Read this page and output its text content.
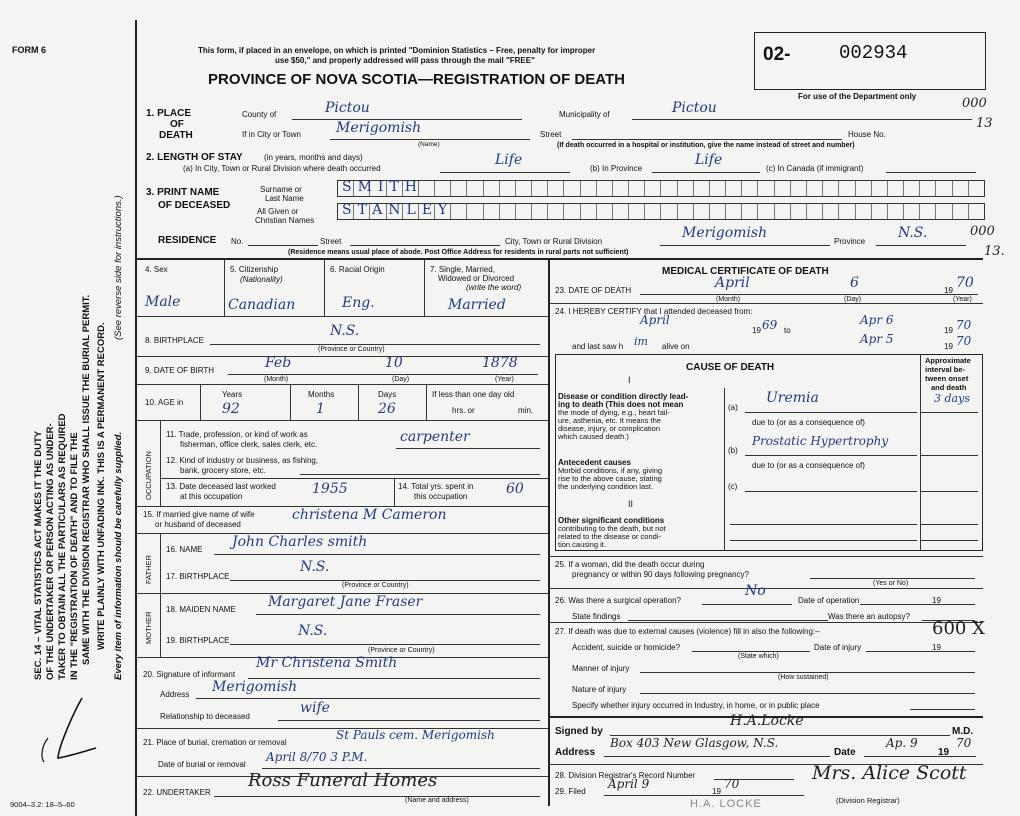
FORM 6
SEC. 14 – VITAL STATISTICS ACT MAKES IT THE DUTY OF THE UNDERTAKER OR PERSON ACTING AS UNDER- TAKER TO OBTAIN ALL THE PARTICULARS AS REQUIRED IN THE "REGISTRATION OF DEATH" AND TO FILE THE SAME WITH THE DIVISION REGISTRAR WHO SHALL ISSUE THE BURIAL PERMIT. WRITE PLAINLY WITH UNFADING INK. THIS IS A PERMANENT RECORD. Every item of information should be carefully supplied.
(See reverse side for instructions.)
9004–3.2: 18–5–60
This form, if placed in an envelope, on which is printed "Dominion Statistics – Free, penalty for improper
use $50," and properly addressed will pass through the mail "FREE"
PROVINCE OF NOVA SCOTIA—REGISTRATION OF DEATH
02-	002934
For use of the Department only	000
13
1. PLACE
OF
DEATH
County of	Pictou	Municipality of	Pictou
If in City or Town	Merigomish
(Name)
Street	House No.
(If death occurred in a hospital or institution, give the name instead of street and number)
2. LENGTH OF STAY	(in years, months and days)
(a) In City, Town or Rural Division where death occurred
Life
(b) In Province
Life
(c) In Canada (if immigrant)
3. PRINT NAME
OF DECEASED
Surname or
Last Name
SMITH
All Given or
Christian Names
STANLEY
RESIDENCE No.	Street	City, Town or Rural Division
Merigomish
Province
N.S.	000
13.
(Residence means usual place of abode. Post Office Address for residents in rural parts not sufficient)
4. Sex
Male
5. Citizenship
(Nationality)
Canadian
6. Racial Origin
Eng.
7. Single, Married,
Widowed or Divorced
(write the word)
Married
8. BIRTHPLACE
N.S.
(Province or Country)
9. DATE OF BIRTH	Feb	10	1878
(Month)	(Day)	(Year)
10. AGE in
Years
92
Months
1
Days
26
If less than one day old
hrs. or	min.
OCCUPATION
11. Trade, profession, or kind of work as
fisherman, office clerk, sales clerk, etc.	carpenter
12. Kind of industry or business, as fishing,
bank, grocery store, etc.
13. Date deceased last worked
at this occupation	1955	14. Total yrs. spent in
this occupation	60
15. If married give name of wife
or husband of deceased
christena M Cameron
FATHER
16. NAME John Charles smith
17. BIRTHPLACE
N.S.
(Province or Country)
MOTHER
18. MAIDEN NAME Margaret Jane Fraser
19. BIRTHPLACE
N.S.
(Province or Country)
20. Signature of informant
Mr Christena Smith
Address Merigomish
Relationship to deceased
wife
21. Place of burial, cremation or removal
St Pauls cem. Merigomish
Date of burial or removal
April 8/70 3 P.M.
22. UNDERTAKER
Ross Funeral Homes
(Name and address)
MEDICAL CERTIFICATE OF DEATH
23. DATE OF DEATH	April	6	19 70
(Month)	(Day)	(Year)
24. I HEREBY CERTIFY that I attended deceased from:
April
19 69 to
Apr 6
19 70
and last saw h im alive on
Apr 5
19 70
CAUSE OF DEATH
Approximate
interval be-
tween onset
and death
I
Disease or condition directly lead-
ing to death (This does not mean
the mode of dying, e.g., heart fail-
ure, asthenia, etc. It means the
disease, injury, or complication
which caused death.)
(a)
Uremia	3 days
due to (or as a consequence of)
(b)
Prostatic Hypertrophy
due to (or as a consequence of)
Antecedent causes
Morbid conditions, if any, giving
rise to the above cause, stating
the underlying condition last.	(c)
II
Other significant conditions
contributing to the death, but not
related to the disease or condi-
tion causing it.
25. If a woman, did the death occur during
pregnancy or within 90 days following pregnancy?
(Yes or No)
26. Was there a surgical operation?
No
Date of operation	19
State findings	Was there an autopsy?
27. If death was due to external causes (violence) fill in also the following:–	600 X
Accident, suicide or homicide?
(State which)
Date of injury	19
Manner of injury
(How sustained)
Nature of injury
Specify whether injury occurred in Industry, in home, or in public place
Signed by
H.A.Locke
M.D.
Address
Box 403 New Glasgow, N.S.
Date
Ap. 9
19
70
28. Division Registrar's Record Number
29. Filed
April 9
19
70	Mrs. Alice Scott
(Division Registrar)
H.A. LOCKE
